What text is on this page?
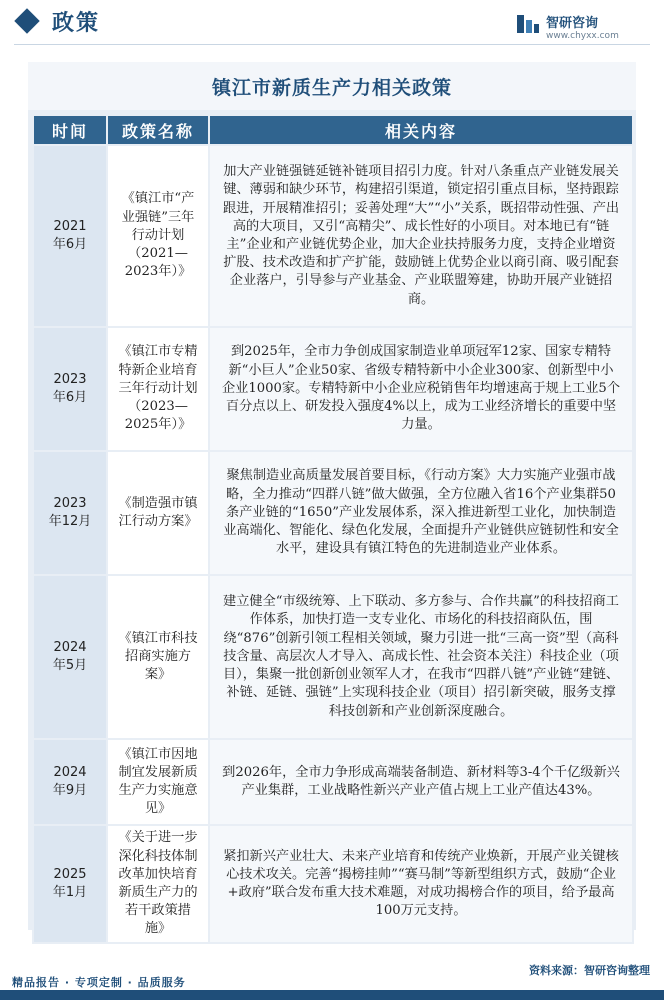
政策	智研咨询
www.chyxx.com
镇江市新质生产力相关政策
时间	政策名称	相关内容
2021年6月	《镇江市“产业强链”三年行动计划（2021—2023年）》	加大产业链强链延链补链项目招引力度。针对八条重点产业链发展关键、薄弱和缺少环节，构建招引渠道，锁定招引重点目标，坚持跟踪跟进，开展精准招引；妥善处理“大”“小”关系，既招带动性强、产出高的大项目，又引“高精尖”、成长性好的小项目。对本地已有“链主”企业和产业链优势企业，加大企业扶持服务力度，支持企业增资扩股、技术改造和扩产扩能，鼓励链上优势企业以商引商、吸引配套企业落户，引导参与产业基金、产业联盟筹建，协助开展产业链招商。
2023年6月	《镇江市专精特新企业培育三年行动计划（2023—2025年）》	到2025年，全市力争创成国家制造业单项冠军12家、国家专精特新“小巨人”企业50家、省级专精特新中小企业300家、创新型中小企业1000家。专精特新中小企业应税销售年均增速高于规上工业5个百分点以上、研发投入强度4%以上，成为工业经济增长的重要中坚力量。
2023年12月	《制造强市镇江行动方案》	聚焦制造业高质量发展首要目标，《行动方案》大力实施产业强市战略，全力推动“四群八链”做大做强，全方位融入省16个产业集群50条产业链的“1650”产业发展体系，深入推进新型工业化，加快制造业高端化、智能化、绿色化发展，全面提升产业链供应链韧性和安全水平，建设具有镇江特色的先进制造业产业体系。
2024年5月	《镇江市科技招商实施方案》	建立健全“市级统筹、上下联动、多方参与、合作共赢”的科技招商工作体系，加快打造一支专业化、市场化的科技招商队伍，围绕“876”创新引领工程相关领域，聚力引进一批“三高一资”型（高科技含量、高层次人才导入、高成长性、社会资本关注）科技企业（项目），集聚一批创新创业领军人才，在我市“四群八链”产业链“建链、补链、延链、强链”上实现科技企业（项目）招引新突破，服务支撑科技创新和产业创新深度融合。
2024年9月	《镇江市因地制宜发展新质生产力实施意见》	到2026年，全市力争形成高端装备制造、新材料等3-4个千亿级新兴产业集群，工业战略性新兴产业产值占规上工业产值达43%。
2025年1月	《关于进一步深化科技体制改革加快培育新质生产力的若干政策措施》	紧扣新兴产业壮大、未来产业培育和传统产业焕新，开展产业关键核心技术攻关。完善“揭榜挂帅”“赛马制”等新型组织方式，鼓励“企业+政府”联合发布重大技术难题，对成功揭榜合作的项目，给予最高100万元支持。
资料来源：智研咨询整理
精品报告 · 专项定制 · 品质服务
